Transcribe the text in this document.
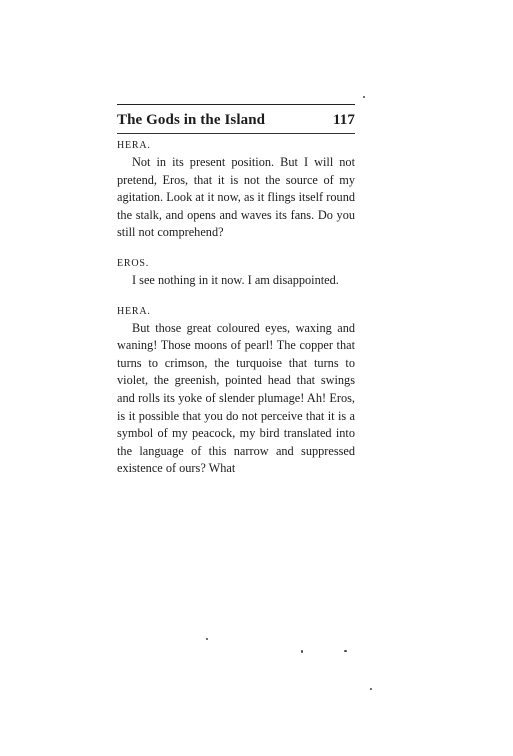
The Gods in the Island	117
HERA.

Not in its present position. But I will not pretend, Eros, that it is not the source of my agitation. Look at it now, as it flings itself round the stalk, and opens and waves its fans. Do you still not comprehend?

EROS.

I see nothing in it now. I am disappointed.

HERA.

But those great coloured eyes, waxing and waning! Those moons of pearl! The copper that turns to crimson, the turquoise that turns to violet, the greenish, pointed head that swings and rolls its yoke of slender plumage! Ah! Eros, is it possible that you do not perceive that it is a symbol of my peacock, my bird translated into the language of this narrow and suppressed existence of ours? What
